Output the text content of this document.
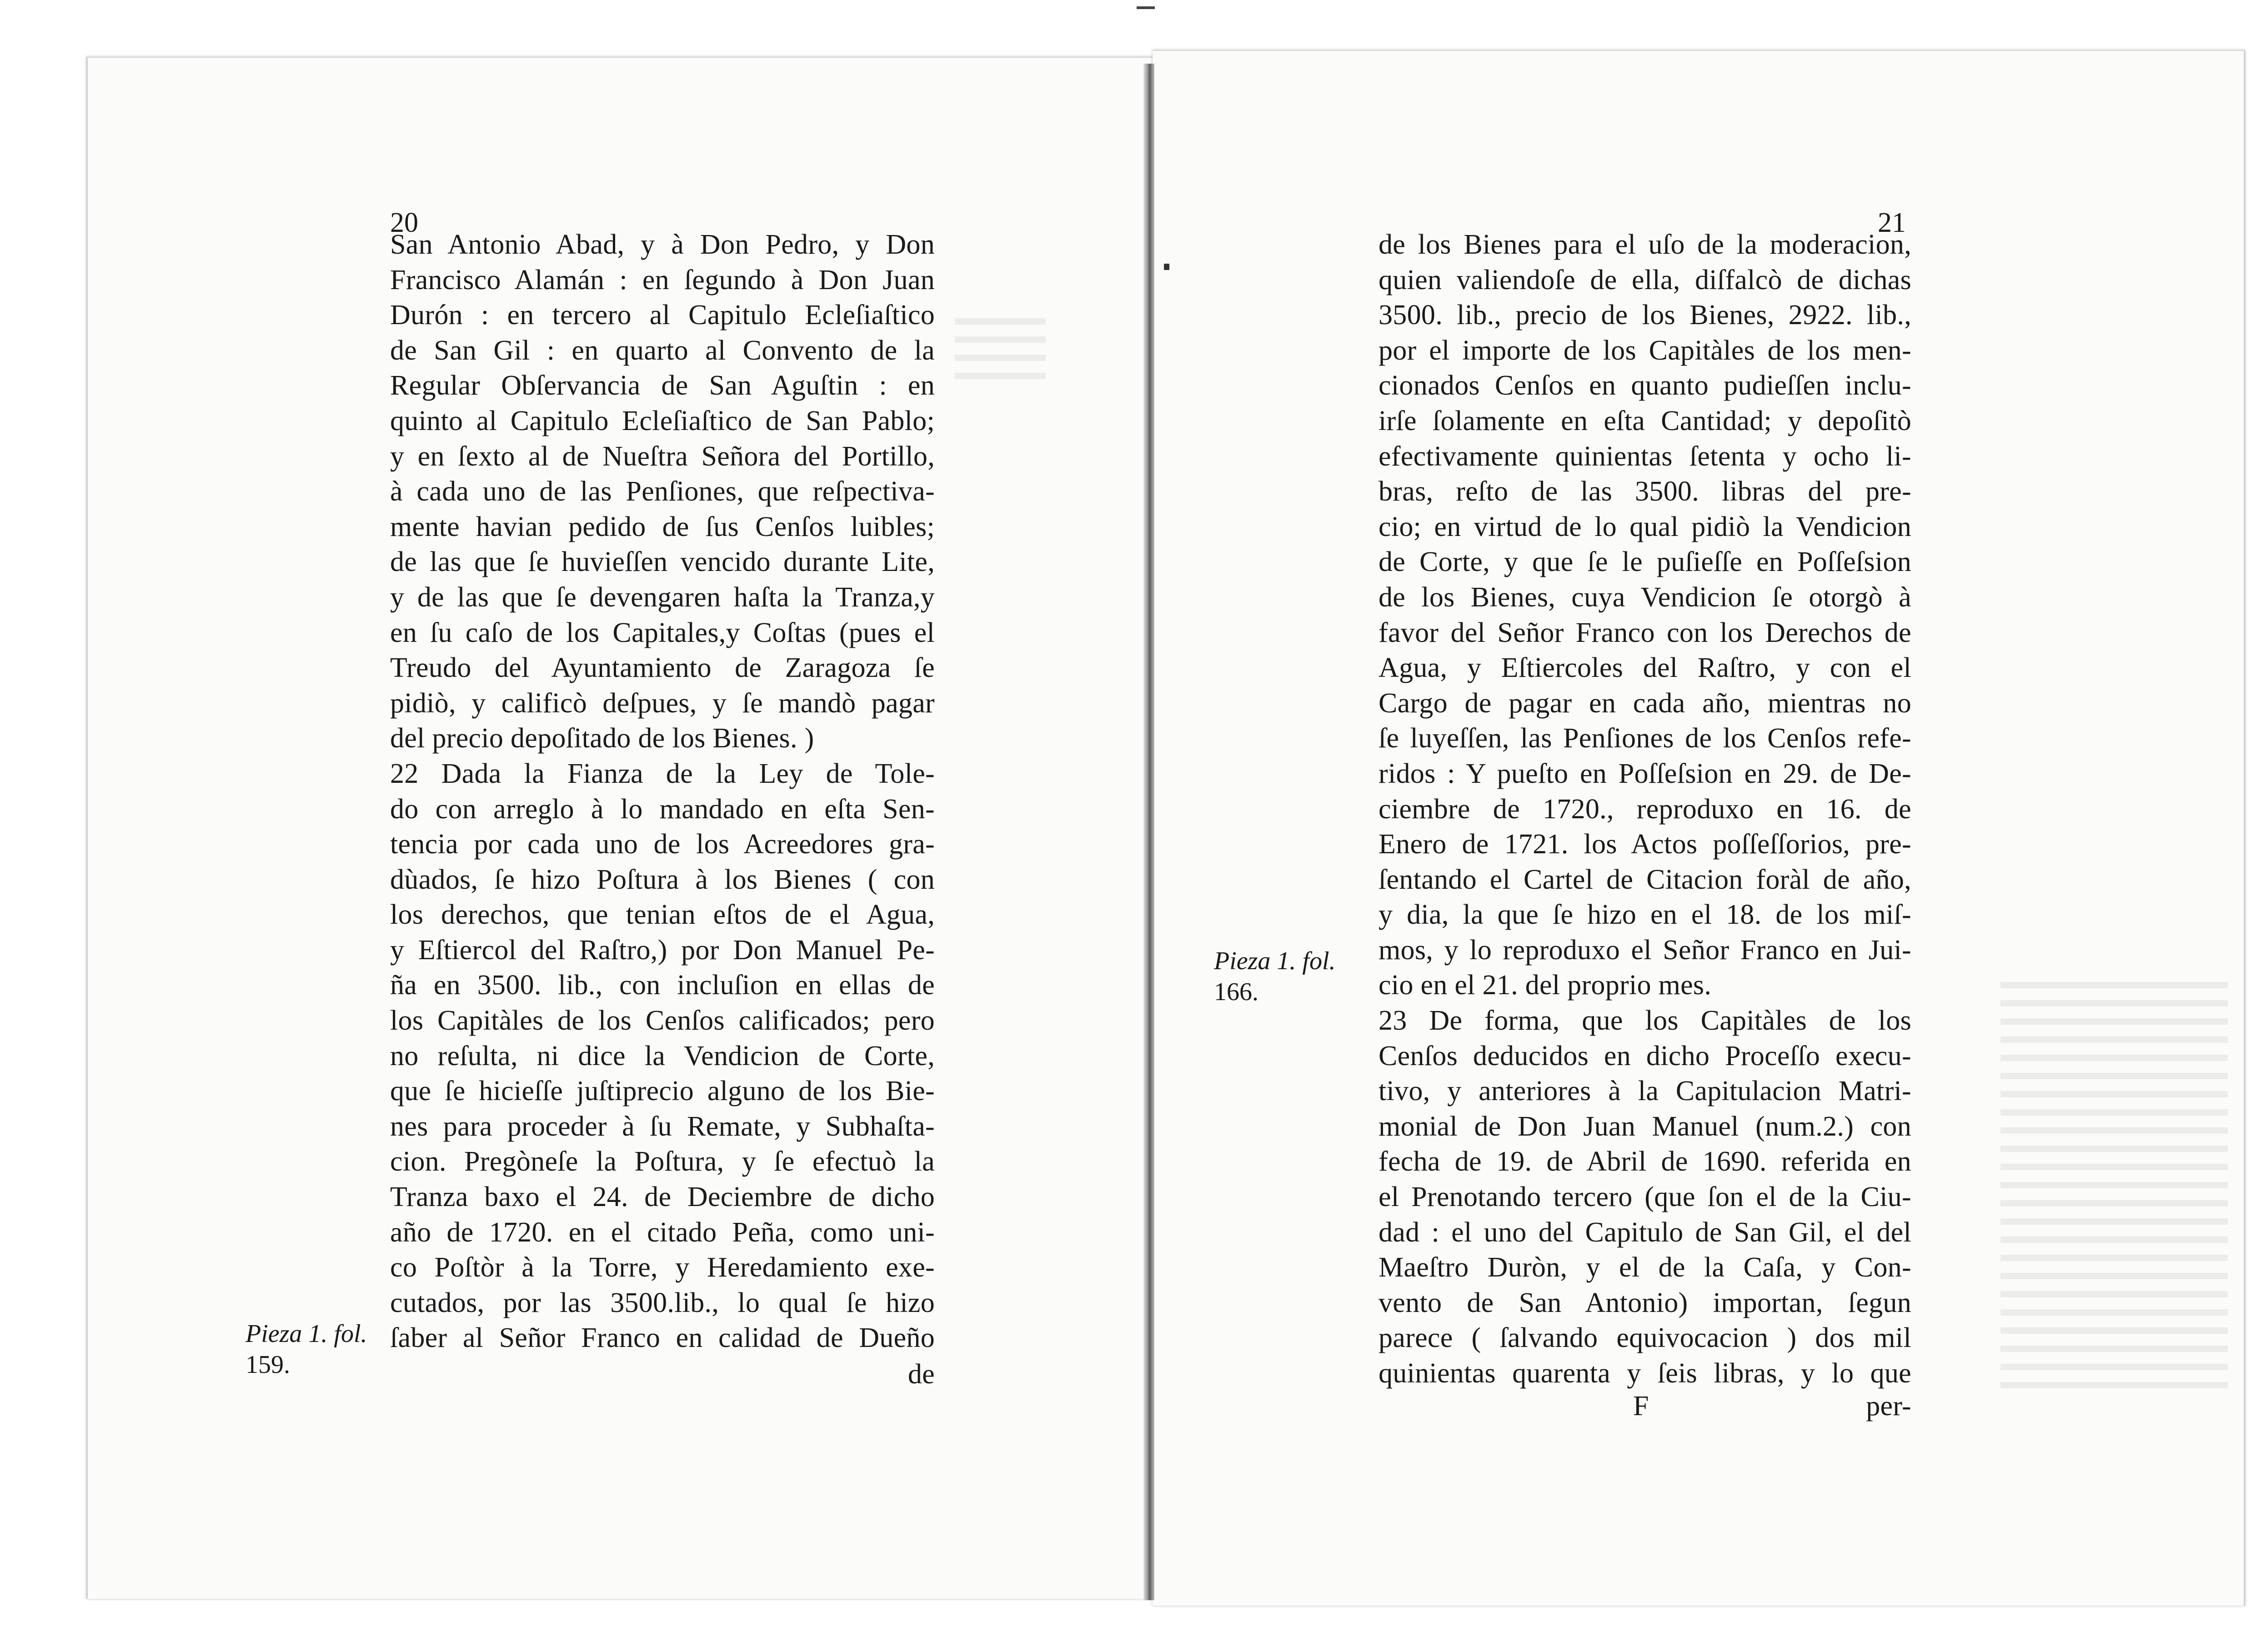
20
San Antonio Abad, y à Don Pedro, y Don
Francisco Alamán : en ſegundo à Don Juan
Durón : en tercero al Capitulo Ecleſiaſtico
de San Gil : en quarto al Convento de la
Regular Obſervancia de San Aguſtin : en
quinto al Capitulo Ecleſiaſtico de San Pablo;
y en ſexto al de Nueſtra Señora del Portillo,
à cada uno de las Penſiones, que reſpectiva-
mente havian pedido de ſus Cenſos luibles;
de las que ſe huvieſſen vencido durante Lite,
y de las que ſe devengaren haſta la Tranza,y
en ſu caſo de los Capitales,y Coſtas (pues el
Treudo del Ayuntamiento de Zaragoza ſe
pidiò, y calificò deſpues, y ſe mandò pagar
del precio depoſitado de los Bienes. )
22 Dada la Fianza de la Ley de Tole-
do con arreglo à lo mandado en eſta Sen-
tencia por cada uno de los Acreedores gra-
dùados, ſe hizo Poſtura à los Bienes ( con
los derechos, que tenian eſtos de el Agua,
y Eſtiercol del Raſtro,) por Don Manuel Pe-
ña en 3500. lib., con incluſion en ellas de
los Capitàles de los Cenſos calificados; pero
no reſulta, ni dice la Vendicion de Corte,
que ſe hicieſſe juſtiprecio alguno de los Bie-
nes para proceder à ſu Remate, y Subhaſta-
cion. Pregòneſe la Poſtura, y ſe efectuò la
Tranza baxo el 24. de Deciembre de dicho
año de 1720. en el citado Peña, como uni-
co Poſtòr à la Torre, y Heredamiento exe-
cutados, por las 3500.lib., lo qual ſe hizo
ſaber al Señor Franco en calidad de Dueño
de
Pieza 1. fol.
159.
21
de los Bienes para el uſo de la moderacion,
quien valiendoſe de ella, diſfalcò de dichas
3500. lib., precio de los Bienes, 2922. lib.,
por el importe de los Capitàles de los men-
cionados Cenſos en quanto pudieſſen inclu-
irſe ſolamente en eſta Cantidad; y depoſitò
efectivamente quinientas ſetenta y ocho li-
bras, reſto de las 3500. libras del pre-
cio; en virtud de lo qual pidiò la Vendicion
de Corte, y que ſe le puſieſſe en Poſſeſsion
de los Bienes, cuya Vendicion ſe otorgò à
favor del Señor Franco con los Derechos de
Agua, y Eſtiercoles del Raſtro, y con el
Cargo de pagar en cada año, mientras no
ſe luyeſſen, las Penſiones de los Cenſos refe-
ridos : Y pueſto en Poſſeſsion en 29. de De-
ciembre de 1720., reproduxo en 16. de
Enero de 1721. los Actos poſſeſſorios, pre-
ſentando el Cartel de Citacion foràl de año,
y dia, la que ſe hizo en el 18. de los miſ-
mos, y lo reproduxo el Señor Franco en Jui-
cio en el 21. del proprio mes.
23 De forma, que los Capitàles de los
Cenſos deducidos en dicho Proceſſo execu-
tivo, y anteriores à la Capitulacion Matri-
monial de Don Juan Manuel (num.2.) con
fecha de 19. de Abril de 1690. referida en
el Prenotando tercero (que ſon el de la Ciu-
dad : el uno del Capitulo de San Gil, el del
Maeſtro Duròn, y el de la Caſa, y Con-
vento de San Antonio) importan, ſegun
parece ( ſalvando equivocacion ) dos mil
quinientas quarenta y ſeis libras, y lo que
F	per-
Pieza 1. fol.
166.
